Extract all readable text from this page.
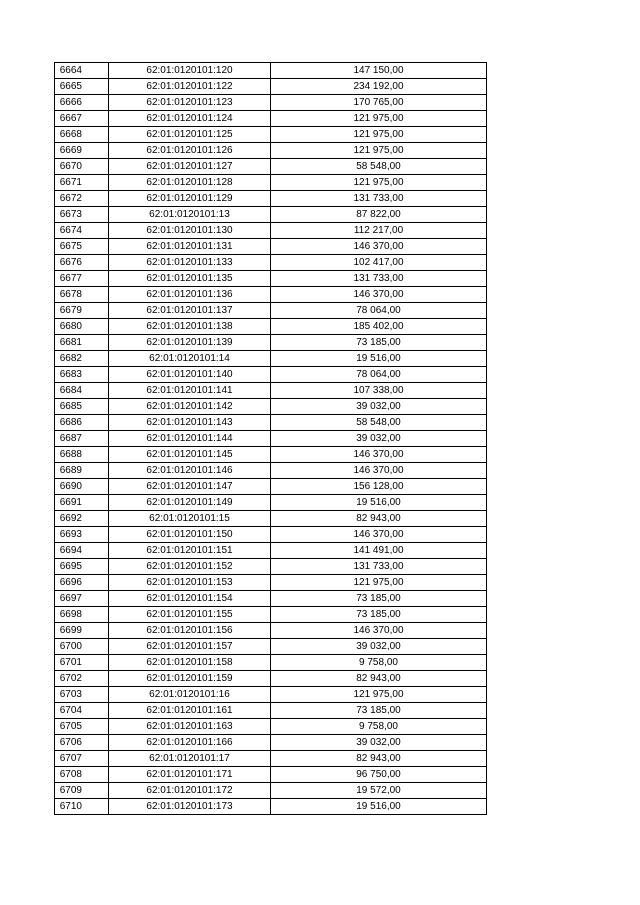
6664	62:01:0120101:120	147 150,00
6665	62:01:0120101:122	234 192,00
6666	62:01:0120101:123	170 765,00
6667	62:01:0120101:124	121 975,00
6668	62:01:0120101:125	121 975,00
6669	62:01:0120101:126	121 975,00
6670	62:01:0120101:127	58 548,00
6671	62:01:0120101:128	121 975,00
6672	62:01:0120101:129	131 733,00
6673	62:01:0120101:13	87 822,00
6674	62:01:0120101:130	112 217,00
6675	62:01:0120101:131	146 370,00
6676	62:01:0120101:133	102 417,00
6677	62:01:0120101:135	131 733,00
6678	62:01:0120101:136	146 370,00
6679	62:01:0120101:137	78 064,00
6680	62:01:0120101:138	185 402,00
6681	62:01:0120101:139	73 185,00
6682	62:01:0120101:14	19 516,00
6683	62:01:0120101:140	78 064,00
6684	62:01:0120101:141	107 338,00
6685	62:01:0120101:142	39 032,00
6686	62:01:0120101:143	58 548,00
6687	62:01:0120101:144	39 032,00
6688	62:01:0120101:145	146 370,00
6689	62:01:0120101:146	146 370,00
6690	62:01:0120101:147	156 128,00
6691	62:01:0120101:149	19 516,00
6692	62:01:0120101:15	82 943,00
6693	62:01:0120101:150	146 370,00
6694	62:01:0120101:151	141 491,00
6695	62:01:0120101:152	131 733,00
6696	62:01:0120101:153	121 975,00
6697	62:01:0120101:154	73 185,00
6698	62:01:0120101:155	73 185,00
6699	62:01:0120101:156	146 370,00
6700	62:01:0120101:157	39 032,00
6701	62:01:0120101:158	9 758,00
6702	62:01:0120101:159	82 943,00
6703	62:01:0120101:16	121 975,00
6704	62:01:0120101:161	73 185,00
6705	62:01:0120101:163	9 758,00
6706	62:01:0120101:166	39 032,00
6707	62:01:0120101:17	82 943,00
6708	62:01:0120101:171	96 750,00
6709	62:01:0120101:172	19 572,00
6710	62:01:0120101:173	19 516,00
